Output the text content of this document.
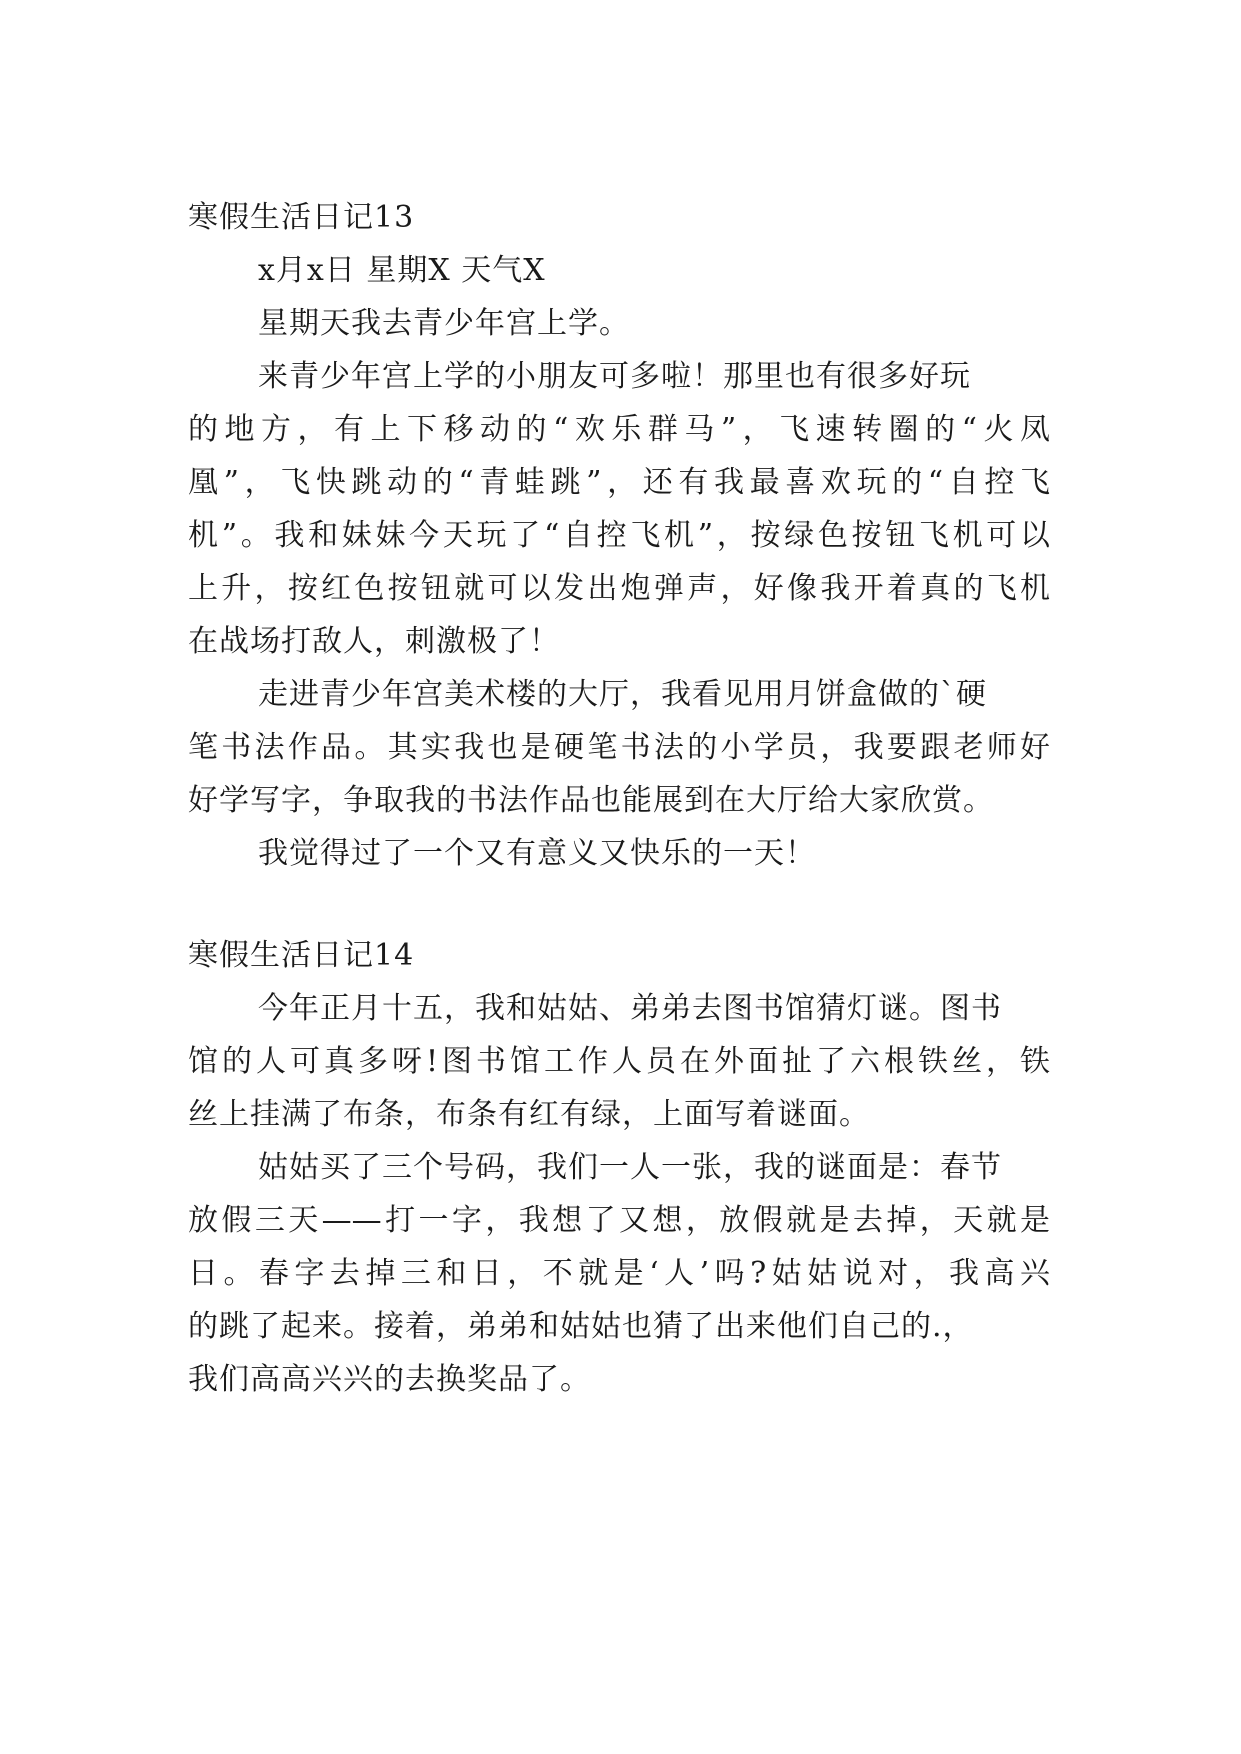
寒假生活日记13

x月x日 星期X 天气X

星期天我去青少年宫上学。

来青少年宫上学的小朋友可多啦！那里也有很多好玩

的地方，有上下移动的“欢乐群马”，飞速转圈的“火凤

凰”，飞快跳动的“青蛙跳”，还有我最喜欢玩的“自控飞

机”。我和妹妹今天玩了“自控飞机”，按绿色按钮飞机可以

上升，按红色按钮就可以发出炮弹声，好像我开着真的飞机

在战场打敌人，刺激极了！

走进青少年宫美术楼的大厅，我看见用月饼盒做的`硬

笔书法作品。其实我也是硬笔书法的小学员，我要跟老师好

好学写字，争取我的书法作品也能展到在大厅给大家欣赏。

我觉得过了一个又有意义又快乐的一天！

寒假生活日记14

今年正月十五，我和姑姑、弟弟去图书馆猜灯谜。图书

馆的人可真多呀!图书馆工作人员在外面扯了六根铁丝，铁

丝上挂满了布条，布条有红有绿，上面写着谜面。

姑姑买了三个号码，我们一人一张，我的谜面是：春节

放假三天——打一字，我想了又想，放假就是去掉，天就是

日。春字去掉三和日，不就是‘人’吗?姑姑说对，我高兴

的跳了起来。接着，弟弟和姑姑也猜了出来他们自己的.，

我们高高兴兴的去换奖品了。
